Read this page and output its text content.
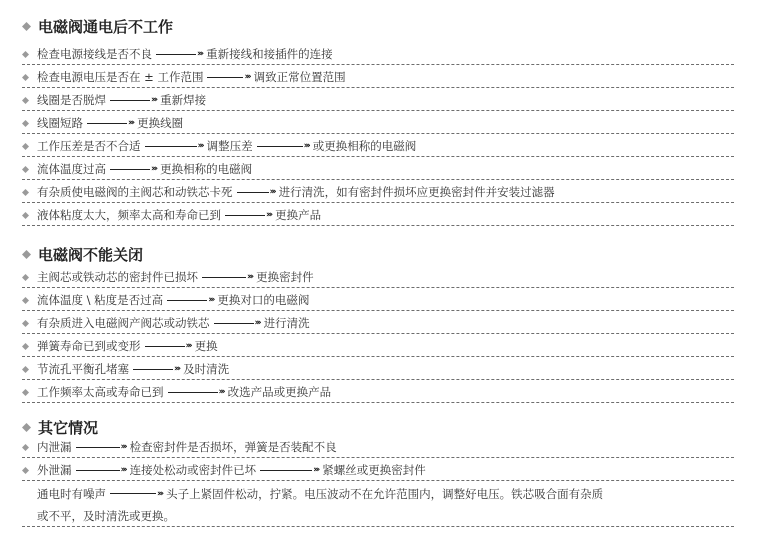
电磁阀通电后不工作
检查电源接线是否不良	››› 重新接线和接插件的连接
检查电源电压是否在 ± 工作范围	››› 调致正常位置范围
线圈是否脱焊	››› 重新焊接
线圈短路	››› 更换线圈
工作压差是否不合适	››› 调整压差	››› 或更换相称的电磁阀
流体温度过高	››› 更换相称的电磁阀
有杂质使电磁阀的主阀芯和动铁芯卡死	››› 进行清洗，如有密封件损坏应更换密封件并安装过滤器
液体粘度太大，频率太高和寿命已到	››› 更换产品
电磁阀不能关闭
主阀芯或铁动芯的密封件已损坏	››› 更换密封件
流体温度 \ 粘度是否过高	››› 更换对口的电磁阀
有杂质进入电磁阀产阀芯或动铁芯	››› 进行清洗
弹簧寿命已到或变形	››› 更换
节流孔平衡孔堵塞	››› 及时清洗
工作频率太高或寿命已到	››› 改选产品或更换产品
其它情况
内泄漏	››› 检查密封件是否损坏，弹簧是否装配不良
外泄漏	››› 连接处松动或密封件已坏	››› 紧螺丝或更换密封件
通电时有噪声	››› 头子上紧固件松动，拧紧。电压波动不在允许范围内，调整好电压。铁芯吸合面有杂质
或不平，及时清洗或更换。
